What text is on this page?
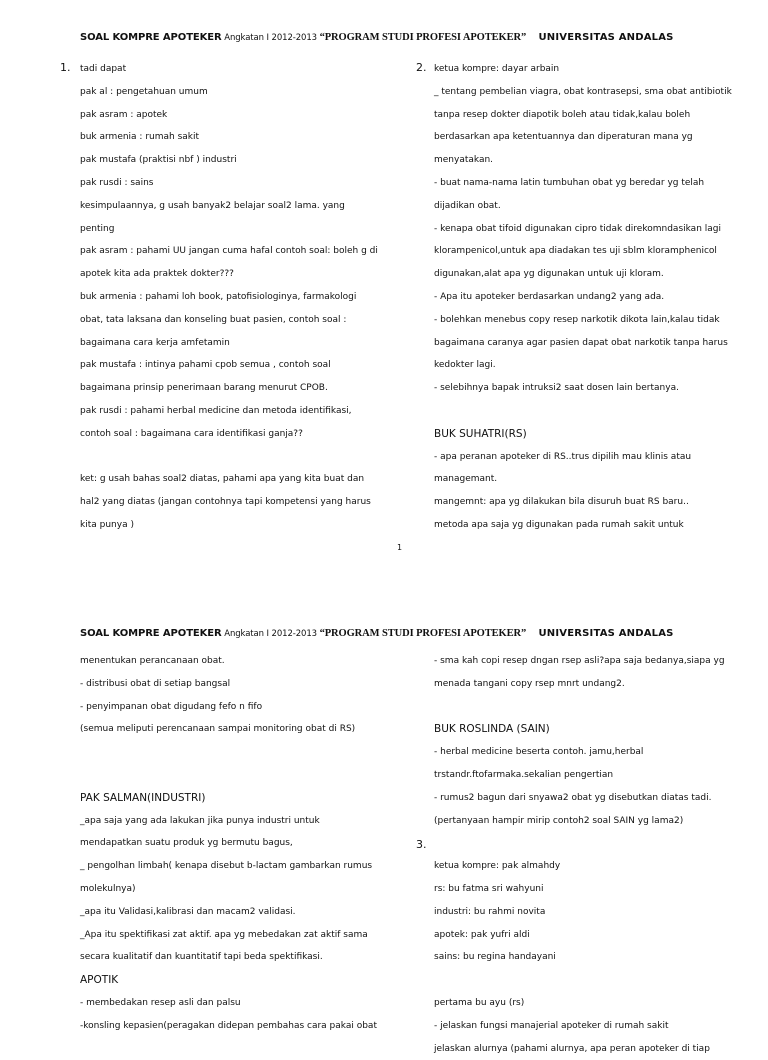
SOAL KOMPRE APOTEKER Angkatan I 2012-2013 “PROGRAM STUDI PROFESI APOTEKER” UNIVERSITAS ANDALAS
1. tadi dapat
pak al : pengetahuan umum
pak asram : apotek
buk armenia : rumah sakit
pak mustafa (praktisi nbf ) industri
pak rusdi : sains
kesimpulaannya, g usah banyak2 belajar soal2 lama. yang
penting
pak asram : pahami UU jangan cuma hafal contoh soal: boleh g di
apotek kita ada praktek dokter???
buk armenia : pahami loh book, patofisiologinya, farmakologi
obat, tata laksana dan konseling buat pasien, contoh soal :
bagaimana cara kerja amfetamin
pak mustafa : intinya pahami cpob semua , contoh soal
bagaimana prinsip penerimaan barang menurut CPOB.
pak rusdi : pahami herbal medicine dan metoda identifikasi,
contoh soal : bagaimana cara identifikasi ganja??
ket: g usah bahas soal2 diatas, pahami apa yang kita buat dan
hal2 yang diatas (jangan contohnya tapi kompetensi yang harus
kita punya )
2. ketua kompre: dayar arbain
_ tentang pembelian viagra, obat kontrasepsi, sma obat antibiotik
tanpa resep dokter diapotik boleh atau tidak,kalau boleh
berdasarkan apa ketentuannya dan diperaturan mana yg
menyatakan.
- buat nama-nama latin tumbuhan obat yg beredar yg telah
dijadikan obat.
- kenapa obat tifoid digunakan cipro tidak direkomndasikan lagi
klorampenicol,untuk apa diadakan tes uji sblm kloramphenicol
digunakan,alat apa yg digunakan untuk uji kloram.
- Apa itu apoteker berdasarkan undang2 yang ada.
- bolehkan menebus copy resep narkotik dikota lain,kalau tidak
bagaimana caranya agar pasien dapat obat narkotik tanpa harus
kedokter lagi.
- selebihnya bapak intruksi2 saat dosen lain bertanya.
BUK SUHATRI(RS)
- apa peranan apoteker di RS..trus dipilih mau klinis atau
managemant.
mangemnt: apa yg dilakukan bila disuruh buat RS baru..
metoda apa saja yg digunakan pada rumah sakit untuk
1
SOAL KOMPRE APOTEKER Angkatan I 2012-2013 “PROGRAM STUDI PROFESI APOTEKER” UNIVERSITAS ANDALAS
menentukan perancanaan obat.
- distribusi obat di setiap bangsal
- penyimpanan obat digudang fefo n fifo
(semua meliputi perencanaan sampai monitoring obat di RS)
PAK SALMAN(INDUSTRI)
_apa saja yang ada lakukan jika punya industri untuk
mendapatkan suatu produk yg bermutu bagus,
_ pengolhan limbah( kenapa disebut b-lactam gambarkan rumus
molekulnya)
_apa itu Validasi,kalibrasi dan macam2 validasi.
_Apa itu spektifikasi zat aktif. apa yg mebedakan zat aktif sama
secara kualitatif dan kuantitatif tapi beda spektifikasi.
APOTIK
- membedakan resep asli dan palsu
-konsling kepasien(peragakan didepan pembahas cara pakai obat
3.
- sma kah copi resep dngan rsep asli?apa saja bedanya,siapa yg
menada tangani copy rsep mnrt undang2.
BUK ROSLINDA (SAIN)
- herbal medicine beserta contoh. jamu,herbal
trstandr.ftofarmaka.sekalian pengertian
- rumus2 bagun dari snyawa2 obat yg disebutkan diatas tadi.
(pertanyaan hampir mirip contoh2 soal SAIN yg lama2)
ketua kompre: pak almahdy
rs: bu fatma sri wahyuni
industri: bu rahmi novita
apotek: pak yufri aldi
sains: bu regina handayani
pertama bu ayu (rs)
- jelaskan fungsi manajerial apoteker di rumah sakit
jelaskan alurnya (pahami alurnya, apa peran apoteker di tiap
